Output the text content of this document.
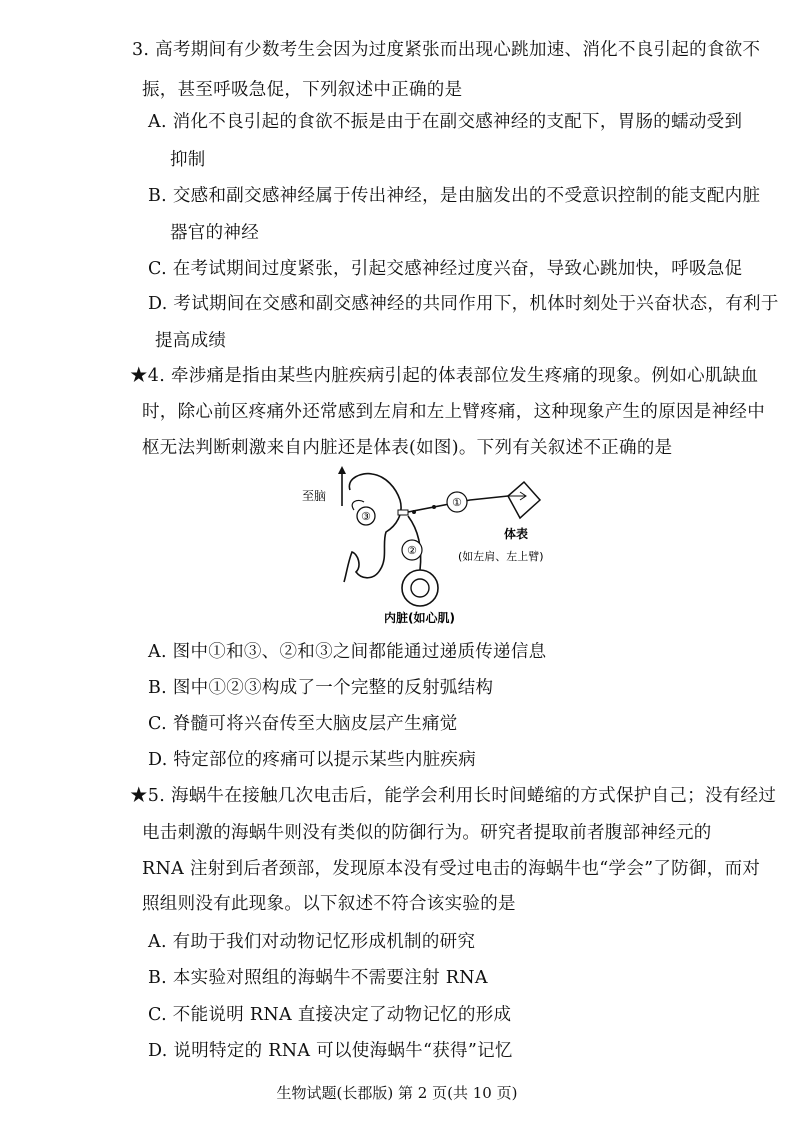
3. 高考期间有少数考生会因为过度紧张而出现心跳加速、消化不良引起的食欲不
振，甚至呼吸急促，下列叙述中正确的是
A. 消化不良引起的食欲不振是由于在副交感神经的支配下，胃肠的蠕动受到
抑制
B. 交感和副交感神经属于传出神经，是由脑发出的不受意识控制的能支配内脏
器官的神经
C. 在考试期间过度紧张，引起交感神经过度兴奋，导致心跳加快，呼吸急促
D. 考试期间在交感和副交感神经的共同作用下，机体时刻处于兴奋状态，有利于
提高成绩
★4. 牵涉痛是指由某些内脏疾病引起的体表部位发生疼痛的现象。例如心肌缺血
时，除心前区疼痛外还常感到左肩和左上臂疼痛，这种现象产生的原因是神经中
枢无法判断刺激来自内脏还是体表(如图)。下列有关叙述不正确的是
至脑
③
①
体表
(如左肩、左上臂)
②
内脏(如心肌)
A. 图中①和③、②和③之间都能通过递质传递信息
B. 图中①②③构成了一个完整的反射弧结构
C. 脊髓可将兴奋传至大脑皮层产生痛觉
D. 特定部位的疼痛可以提示某些内脏疾病
★5. 海蜗牛在接触几次电击后，能学会利用长时间蜷缩的方式保护自己；没有经过
电击刺激的海蜗牛则没有类似的防御行为。研究者提取前者腹部神经元的
RNA 注射到后者颈部，发现原本没有受过电击的海蜗牛也“学会”了防御，而对
照组则没有此现象。以下叙述不符合该实验的是
A. 有助于我们对动物记忆形成机制的研究
B. 本实验对照组的海蜗牛不需要注射 RNA
C. 不能说明 RNA 直接决定了动物记忆的形成
D. 说明特定的 RNA 可以使海蜗牛“获得”记忆
生物试题(长郡版) 第 2 页(共 10 页)
